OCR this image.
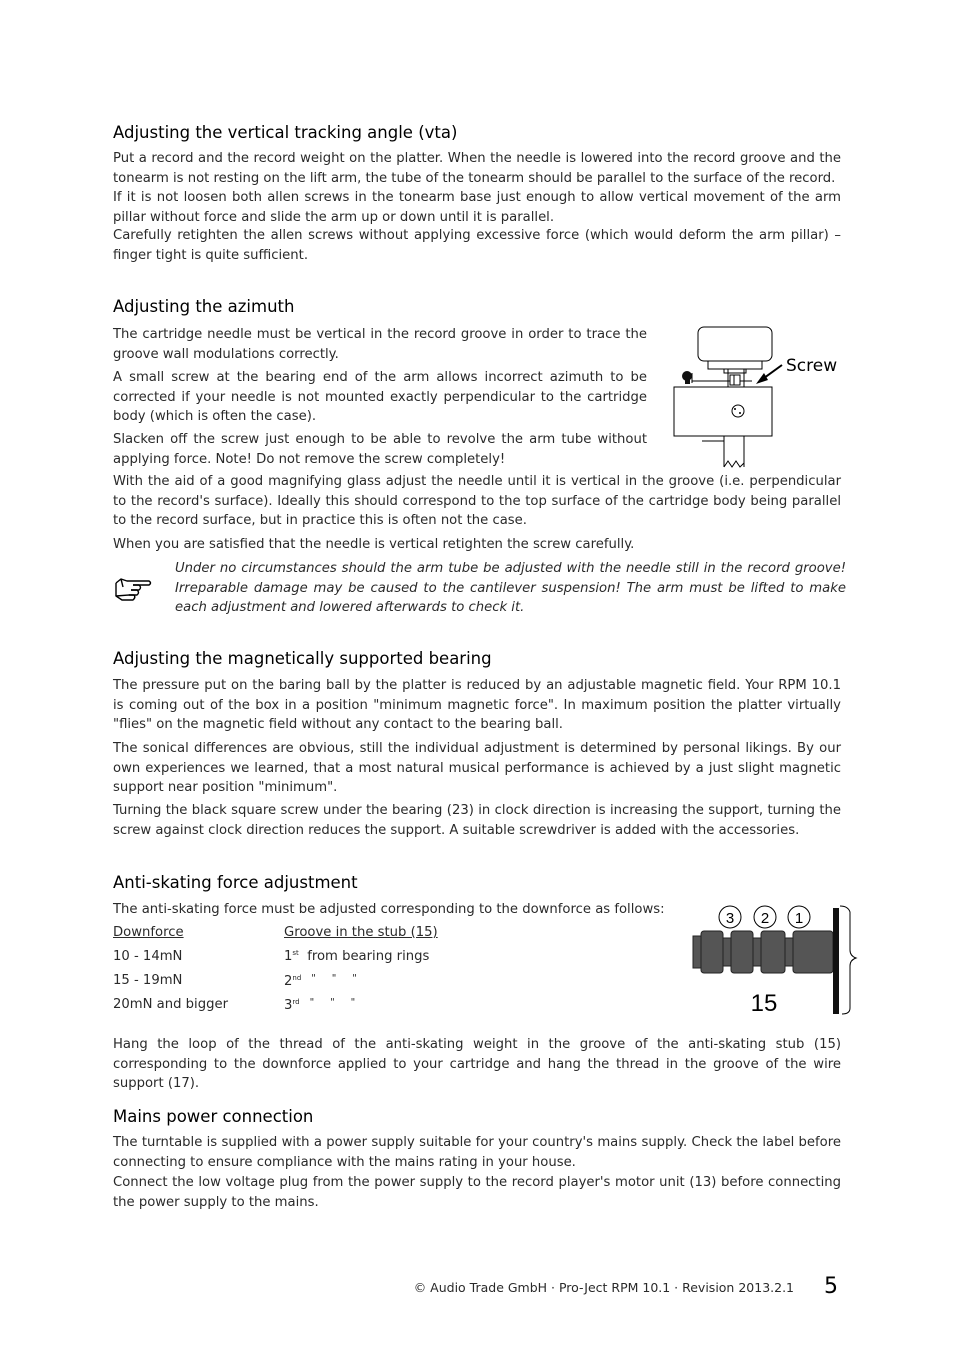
Adjusting the vertical tracking angle (vta)

Put a record and the record weight on the platter. When the needle is lowered into the record groove and the tonearm is not resting on the lift arm, the tube of the tonearm should be parallel to the surface of the record.

If it is not loosen both allen screws in the tonearm base just enough to allow vertical movement of the arm pillar without force and slide the arm up or down until it is parallel.

Carefully retighten the allen screws without applying excessive force (which would deform the arm pillar) – finger tight is quite sufficient.

Adjusting the azimuth

The cartridge needle must be vertical in the record groove in order to trace the groove wall modulations correctly.

A small screw at the bearing end of the arm allows incorrect azimuth to be corrected if your needle is not mounted exactly perpendicular to the cartridge body (which is often the case).

Slacken off the screw just enough to be able to revolve the arm tube without applying force. Note! Do not remove the screw completely!

With the aid of a good magnifying glass adjust the needle until it is vertical in the groove (i.e. perpendicular to the record's surface). Ideally this should correspond to the top surface of the cartridge body being parallel to the record surface, but in practice this is often not the case.

When you are satisfied that the needle is vertical retighten the screw carefully.

Screw

Under no circumstances should the arm tube be adjusted with the needle still in the record groove! Irreparable damage may be caused to the cantilever suspension! The arm must be lifted to make each adjustment and lowered afterwards to check it.

Adjusting the magnetically supported bearing

The pressure put on the baring ball by the platter is reduced by an adjustable magnetic field. Your RPM 10.1 is coming out of the box in a position "minimum magnetic force". In maximum position the platter virtually "flies" on the magnetic field without any contact to the bearing ball.

The sonical differences are obvious, still the individual adjustment is determined by personal likings. By our own experiences we learned, that a most natural musical performance is achieved by a just slight magnetic support near position "minimum".

Turning the black square screw under the bearing (23) in clock direction is increasing the support, turning the screw against clock direction reduces the support. A suitable screwdriver is added with the accessories.

Anti-skating force adjustment

The anti-skating force must be adjusted corresponding to the downforce as follows:

Downforce	Groove in the stub (15)
10 - 14mN	1st from bearing rings
15 - 19mN	2nd "     "     "
20mN and bigger	3rd "     "     "
3 2 1
15

Hang the loop of the thread of the anti-skating weight in the groove of the anti-skating stub (15) corresponding to the downforce applied to your cartridge and hang the thread in the groove of the wire support (17).

Mains power connection

The turntable is supplied with a power supply suitable for your country's mains supply. Check the label before connecting to ensure compliance with the mains rating in your house.

Connect the low voltage plug from the power supply to the record player's motor unit (13) before connecting the power supply to the mains.

© Audio Trade GmbH · Pro-Ject RPM 10.1 · Revision 2013.2.1 5
